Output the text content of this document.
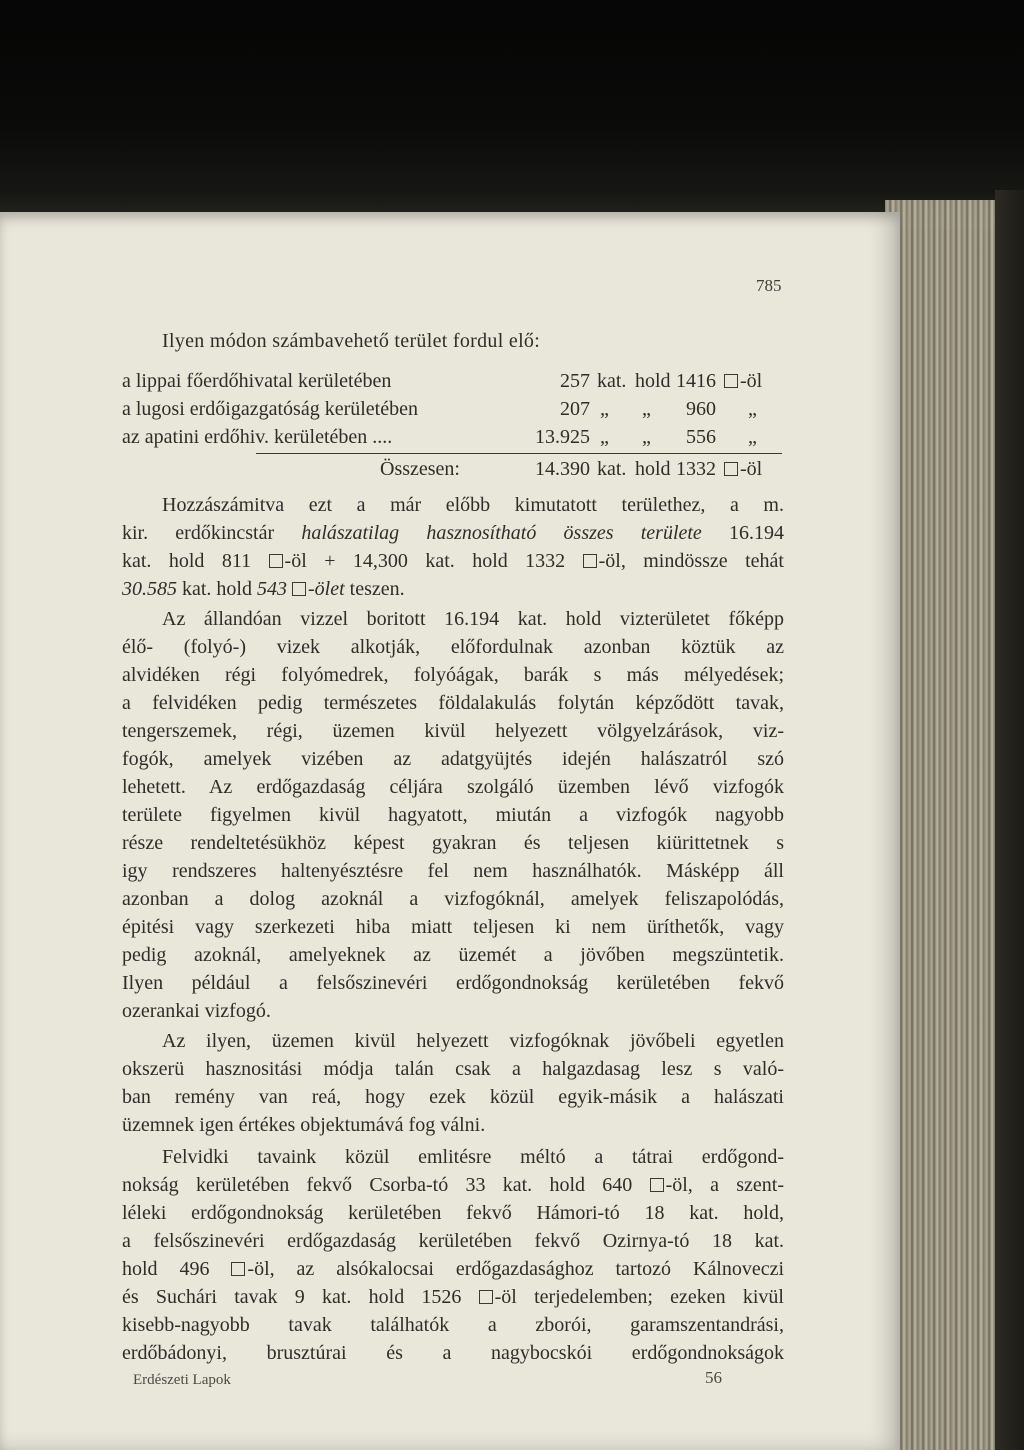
785
Ilyen módon számbavehető terület fordul elő:
a lippai főerdőhivatal kerületében	257 kat. hold 1416	-öl
a lugosi erdőigazgatóság kerületében	207 „ „	960 „
az apatini erdőhiv. kerületében ....	13.925 „ „	556 „
Összesen:	14.390 kat. hold 1332	-öl
Hozzászámitva ezt a már előbb kimutatott területhez, a m.
kir. erdőkincstár halászatilag hasznosítható összes területe 16.194
kat. hold 811 -öl + 14,300 kat. hold 1332 -öl, mindössze tehát
30.585 kat. hold 543 -ölet teszen.
Az állandóan vizzel boritott 16.194 kat. hold vizterületet főképp
élő- (folyó-) vizek alkotják, előfordulnak azonban köztük az
alvidéken régi folyómedrek, folyóágak, barák s más mélyedések;
a felvidéken pedig természetes földalakulás folytán képződött tavak,
tengerszemek, régi, üzemen kivül helyezett völgyelzárások, viz-
fogók, amelyek vizében az adatgyüjtés idején halászatról szó
lehetett. Az erdőgazdaság céljára szolgáló üzemben lévő vizfogók
területe figyelmen kivül hagyatott, miután a vizfogók nagyobb
része rendeltetésükhöz képest gyakran és teljesen kiürittetnek s
igy rendszeres haltenyésztésre fel nem használhatók. Másképp áll
azonban a dolog azoknál a vizfogóknál, amelyek feliszapolódás,
épitési vagy szerkezeti hiba miatt teljesen ki nem üríthetők, vagy
pedig azoknál, amelyeknek az üzemét a jövőben megszüntetik.
Ilyen például a felsőszinevéri erdőgondnokság kerületében fekvő
ozerankai vizfogó.
Az ilyen, üzemen kivül helyezett vizfogóknak jövőbeli egyetlen
okszerü hasznositási módja talán csak a halgazdasag lesz s való-
ban remény van reá, hogy ezek közül egyik-másik a halászati
üzemnek igen értékes objektumává fog válni.
Felvidki tavaink közül emlitésre méltó a tátrai erdőgond-
nokság kerületében fekvő Csorba-tó 33 kat. hold 640 -öl, a szent-
léleki erdőgondnokság kerületében fekvő Hámori-tó 18 kat. hold,
a felsőszinevéri erdőgazdaság kerületében fekvő Ozirnya-tó 18 kat.
hold 496 -öl, az alsókalocsai erdőgazdasághoz tartozó Kálnoveczi
és Suchári tavak 9 kat. hold 1526 -öl terjedelemben; ezeken kivül
kisebb-nagyobb tavak találhatók a zborói, garamszentandrási,
erdőbádonyi, brusztúrai és a nagybocskói erdőgondnokságok
Erdészeti Lapok	56
